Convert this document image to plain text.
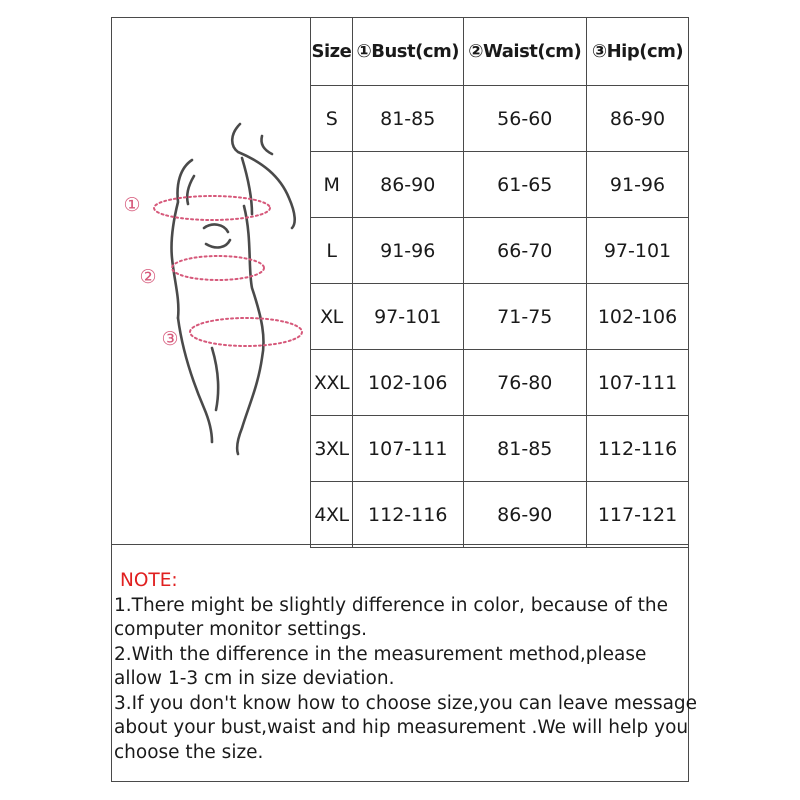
①
②
③
Size	①Bust(cm)	②Waist(cm)	③Hip(cm)
S	81-85	56-60	86-90
M	86-90	61-65	91-96
L	91-96	66-70	97-101
XL	97-101	71-75	102-106
XXL	102-106	76-80	107-111
3XL	107-111	81-85	112-116
4XL	112-116	86-90	117-121
NOTE:
1.There might be slightly difference in color, because of the
computer monitor settings.
2.With the difference in the measurement method,please
allow 1-3 cm in size deviation.
3.If you don't know how to choose size,you can leave message
about your bust,waist and hip measurement .We will help you
choose the size.
